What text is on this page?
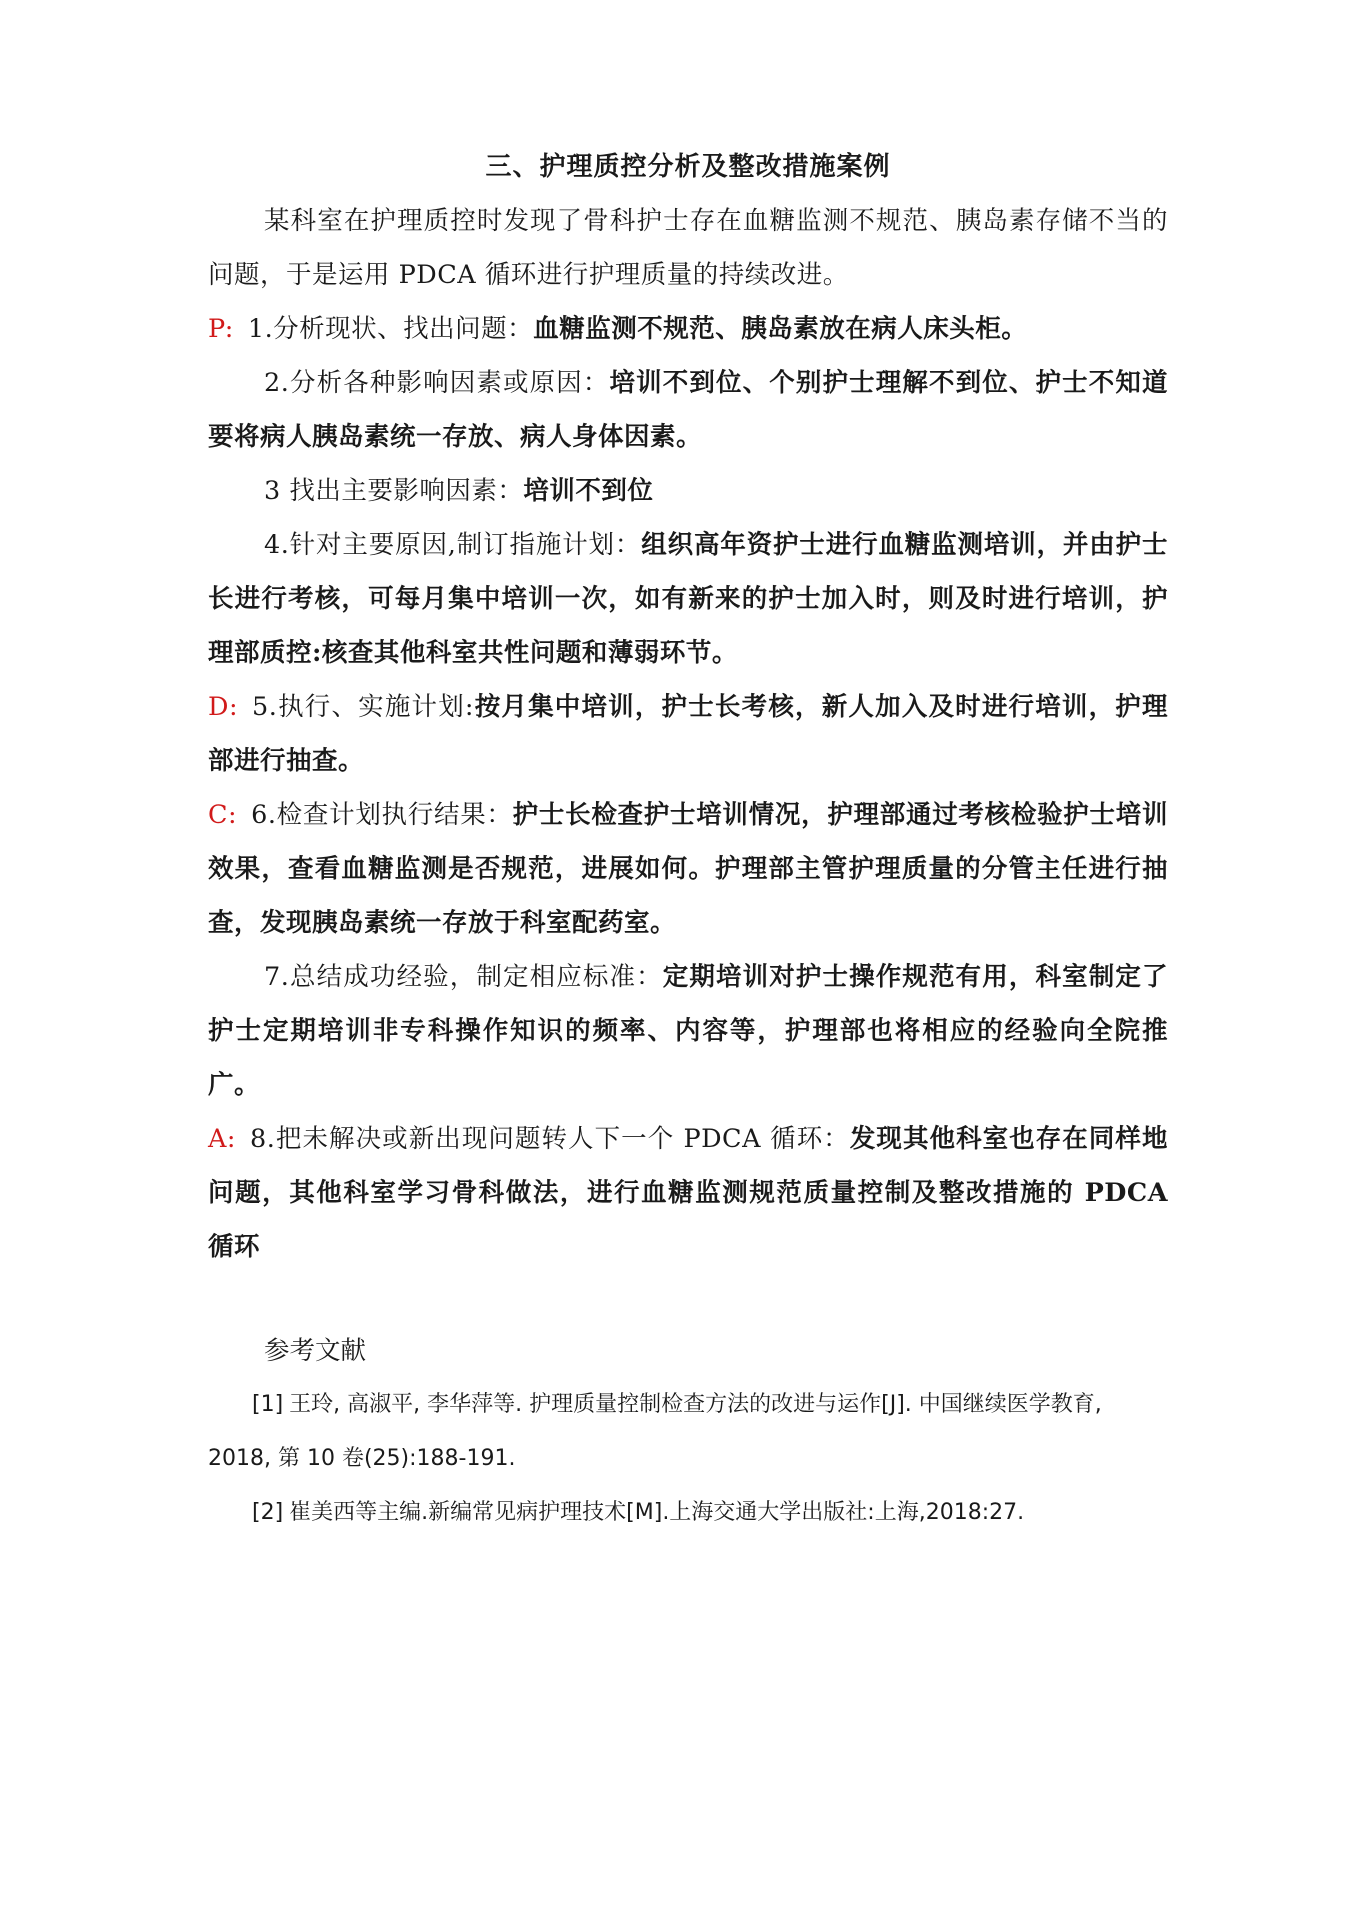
三、护理质控分析及整改措施案例

某科室在护理质控时发现了骨科护士存在血糖监测不规范、胰岛素存储不当的问题，于是运用 PDCA 循环进行护理质量的持续改进。

P: 1.分析现状、找出问题：血糖监测不规范、胰岛素放在病人床头柜。

2.分析各种影响因素或原因：培训不到位、个别护士理解不到位、护士不知道要将病人胰岛素统一存放、病人身体因素。

3 找出主要影响因素：培训不到位

4.针对主要原因,制订指施计划：组织高年资护士进行血糖监测培训，并由护士长进行考核，可每月集中培训一次，如有新来的护士加入时，则及时进行培训，护理部质控:核查其他科室共性问题和薄弱环节。

D: 5.执行、实施计划:按月集中培训，护士长考核，新人加入及时进行培训，护理部进行抽查。

C: 6.检查计划执行结果：护士长检查护士培训情况，护理部通过考核检验护士培训效果，查看血糖监测是否规范，进展如何。护理部主管护理质量的分管主任进行抽查，发现胰岛素统一存放于科室配药室。

7.总结成功经验，制定相应标准：定期培训对护士操作规范有用，科室制定了护士定期培训非专科操作知识的频率、内容等，护理部也将相应的经验向全院推广。

A: 8.把未解决或新出现问题转人下一个 PDCA 循环：发现其他科室也存在同样地问题，其他科室学习骨科做法，进行血糖监测规范质量控制及整改措施的 PDCA 循环

参考文献

[1] 王玲, 高淑平, 李华萍等. 护理质量控制检查方法的改进与运作[J]. 中国继续医学教育, 2018, 第 10 卷(25):188-191.

[2] 崔美西等主编.新编常见病护理技术[M].上海交通大学出版社:上海,2018:27.
